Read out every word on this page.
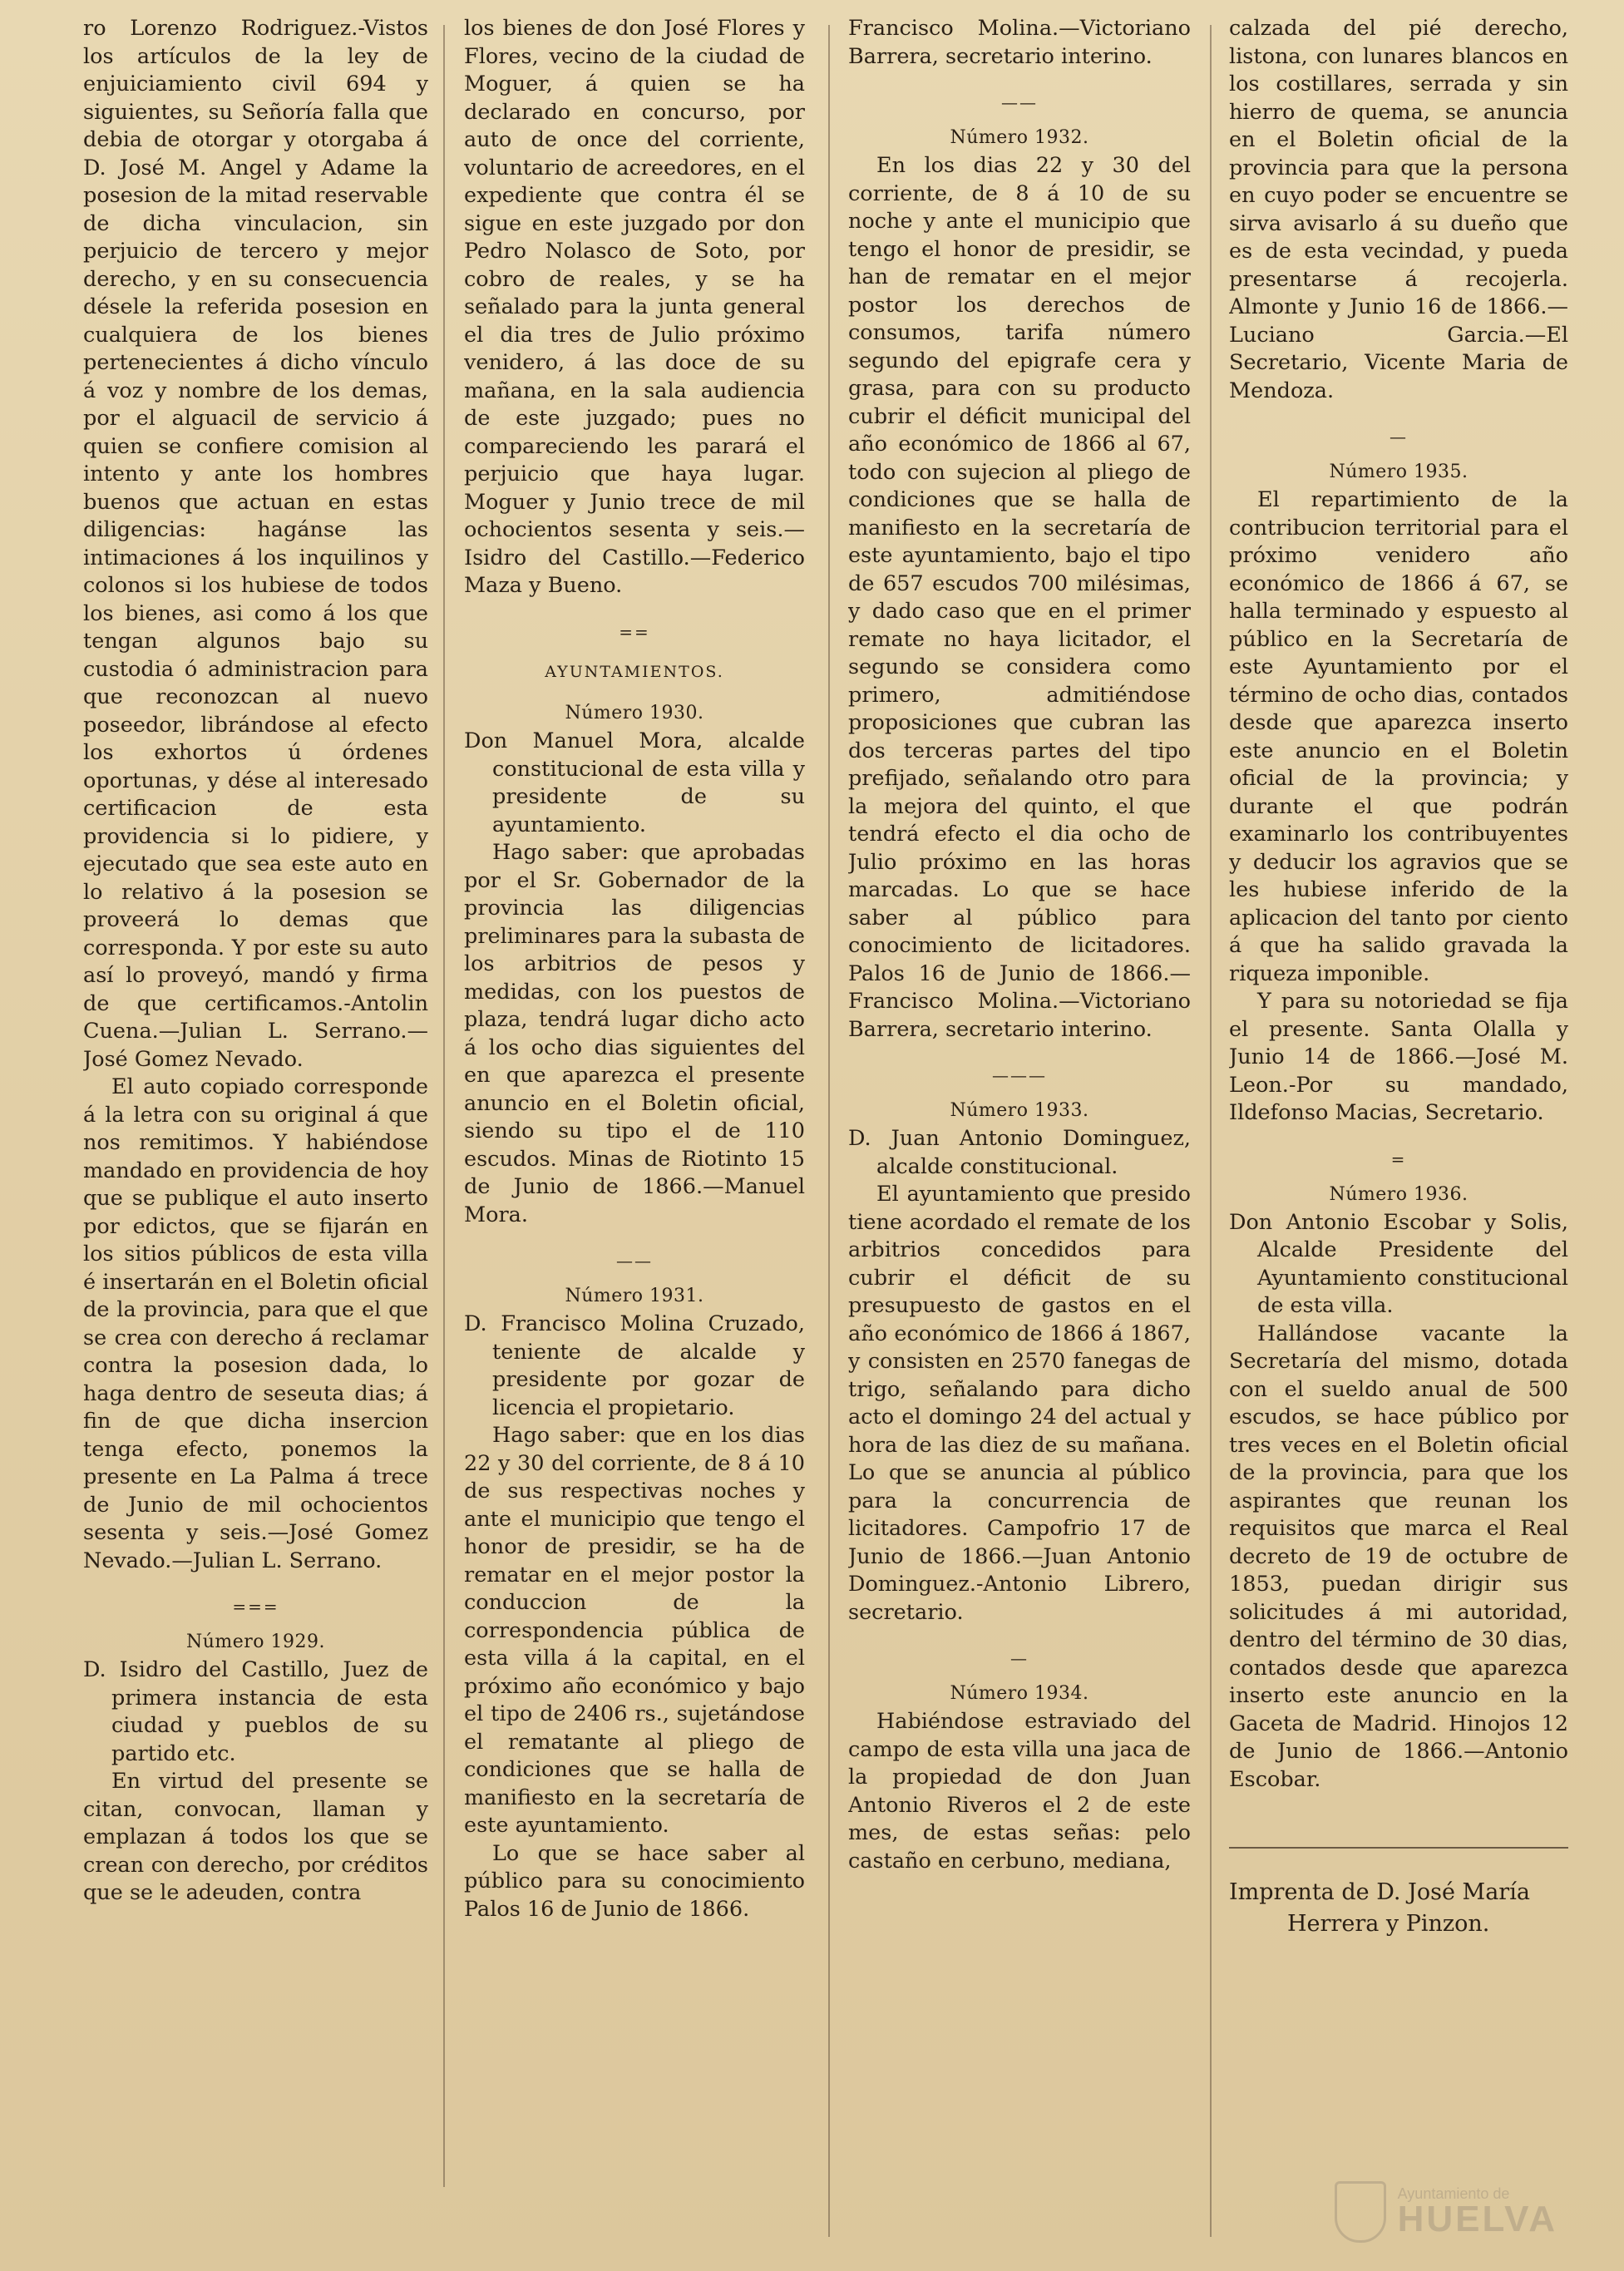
ro Lorenzo Rodriguez.-Vistos los artículos de la ley de enjuiciamiento civil 694 y siguientes, su Señoría falla que debia de otorgar y otorgaba á D. José M. Angel y Adame la posesion de la mitad reservable de dicha vinculacion, sin perjuicio de tercero y mejor derecho, y en su consecuencia désele la referida posesion en cualquiera de los bienes pertenecientes á dicho vínculo á voz y nombre de los demas, por el alguacil de servicio á quien se confiere comision al intento y ante los hombres buenos que actuan en estas diligencias: hagánse las intimaciones á los inquilinos y colonos si los hubiese de todos los bienes, asi como á los que tengan algunos bajo su custodia ó administracion para que reconozcan al nuevo poseedor, librándose al efecto los exhortos ú órdenes oportunas, y dése al interesado certificacion de esta providencia si lo pidiere, y ejecutado que sea este auto en lo relativo á la posesion se proveerá lo demas que corresponda. Y por este su auto así lo proveyó, mandó y firma de que certificamos.-Antolin Cuena.—Julian L. Serrano.—José Gomez Nevado.

El auto copiado corresponde á la letra con su original á que nos remitimos. Y habiéndose mandado en providencia de hoy que se publique el auto inserto por edictos, que se fijarán en los sitios públicos de esta villa é insertarán en el Boletin oficial de la provincia, para que el que se crea con derecho á reclamar contra la posesion dada, lo haga dentro de seseuta dias; á fin de que dicha insercion tenga efecto, ponemos la presente en La Palma á trece de Junio de mil ochocientos sesenta y seis.—José Gomez Nevado.—Julian L. Serrano.

===
Número 1929.

D. Isidro del Castillo, Juez de primera instancia de esta ciudad y pueblos de su partido etc.

En virtud del presente se citan, convocan, llaman y emplazan á todos los que se crean con derecho, por créditos que se le adeuden, contra

los bienes de don José Flores y Flores, vecino de la ciudad de Moguer, á quien se ha declarado en concurso, por auto de once del corriente, voluntario de acreedores, en el expediente que contra él se sigue en este juzgado por don Pedro Nolasco de Soto, por cobro de reales, y se ha señalado para la junta general el dia tres de Julio próximo venidero, á las doce de su mañana, en la sala audiencia de este juzgado; pues no compareciendo les parará el perjuicio que haya lugar. Moguer y Junio trece de mil ochocientos sesenta y seis.—Isidro del Castillo.—Federico Maza y Bueno.

==
AYUNTAMIENTOS.
Número 1930.

Don Manuel Mora, alcalde constitucional de esta villa y presidente de su ayuntamiento.

Hago saber: que aprobadas por el Sr. Gobernador de la provincia las diligencias preliminares para la subasta de los arbitrios de pesos y medidas, con los puestos de plaza, tendrá lugar dicho acto á los ocho dias siguientes del en que aparezca el presente anuncio en el Boletin oficial, siendo su tipo el de 110 escudos. Minas de Riotinto 15 de Junio de 1866.—Manuel Mora.

——
Número 1931.

D. Francisco Molina Cruzado, teniente de alcalde y presidente por gozar de licencia el propietario.

Hago saber: que en los dias 22 y 30 del corriente, de 8 á 10 de sus respectivas noches y ante el municipio que tengo el honor de presidir, se ha de rematar en el mejor postor la conduccion de la correspondencia pública de esta villa á la capital, en el próximo año económico y bajo el tipo de 2406 rs., sujetándose el rematante al pliego de condiciones que se halla de manifiesto en la secretaría de este ayuntamiento.

Lo que se hace saber al público para su conocimiento Palos 16 de Junio de 1866.

Francisco Molina.—Victoriano Barrera, secretario interino.

——
Número 1932.

En los dias 22 y 30 del corriente, de 8 á 10 de su noche y ante el municipio que tengo el honor de presidir, se han de rematar en el mejor postor los derechos de consumos, tarifa número segundo del epigrafe cera y grasa, para con su producto cubrir el déficit municipal del año económico de 1866 al 67, todo con sujecion al pliego de condiciones que se halla de manifiesto en la secretaría de este ayuntamiento, bajo el tipo de 657 escudos 700 milésimas, y dado caso que en el primer remate no haya licitador, el segundo se considera como primero, admitiéndose proposiciones que cubran las dos terceras partes del tipo prefijado, señalando otro para la mejora del quinto, el que tendrá efecto el dia ocho de Julio próximo en las horas marcadas. Lo que se hace saber al público para conocimiento de licitadores. Palos 16 de Junio de 1866.—Francisco Molina.—Victoriano Barrera, secretario interino.

———
Número 1933.

D. Juan Antonio Dominguez, alcalde constitucional.

El ayuntamiento que presido tiene acordado el remate de los arbitrios concedidos para cubrir el déficit de su presupuesto de gastos en el año económico de 1866 á 1867, y consisten en 2570 fanegas de trigo, señalando para dicho acto el domingo 24 del actual y hora de las diez de su mañana. Lo que se anuncia al público para la concurrencia de licitadores. Campofrio 17 de Junio de 1866.—Juan Antonio Dominguez.-Antonio Librero, secretario.

—
Número 1934.

Habiéndose estraviado del campo de esta villa una jaca de la propiedad de don Juan Antonio Riveros el 2 de este mes, de estas señas: pelo castaño en cerbuno, mediana,

calzada del pié derecho, listona, con lunares blancos en los costillares, serrada y sin hierro de quema, se anuncia en el Boletin oficial de la provincia para que la persona en cuyo poder se encuentre se sirva avisarlo á su dueño que es de esta vecindad, y pueda presentarse á recojerla. Almonte y Junio 16 de 1866.—Luciano Garcia.—El Secretario, Vicente Maria de Mendoza.

—
Número 1935.

El repartimiento de la contribucion territorial para el próximo venidero año económico de 1866 á 67, se halla terminado y espuesto al público en la Secretaría de este Ayuntamiento por el término de ocho dias, contados desde que aparezca inserto este anuncio en el Boletin oficial de la provincia; y durante el que podrán examinarlo los contribuyentes y deducir los agravios que se les hubiese inferido de la aplicacion del tanto por ciento á que ha salido gravada la riqueza imponible.

Y para su notoriedad se fija el presente. Santa Olalla y Junio 14 de 1866.—José M. Leon.-Por su mandado, Ildefonso Macias, Secretario.

=
Número 1936.

Don Antonio Escobar y Solis, Alcalde Presidente del Ayuntamiento constitucional de esta villa.

Hallándose vacante la Secretaría del mismo, dotada con el sueldo anual de 500 escudos, se hace público por tres veces en el Boletin oficial de la provincia, para que los aspirantes que reunan los requisitos que marca el Real decreto de 19 de octubre de 1853, puedan dirigir sus solicitudes á mi autoridad, dentro del término de 30 dias, contados desde que aparezca inserto este anuncio en la Gaceta de Madrid. Hinojos 12 de Junio de 1866.—Antonio Escobar.

Imprenta de D. José María
Herrera y Pinzon.
Ayuntamiento de
HUELVA
